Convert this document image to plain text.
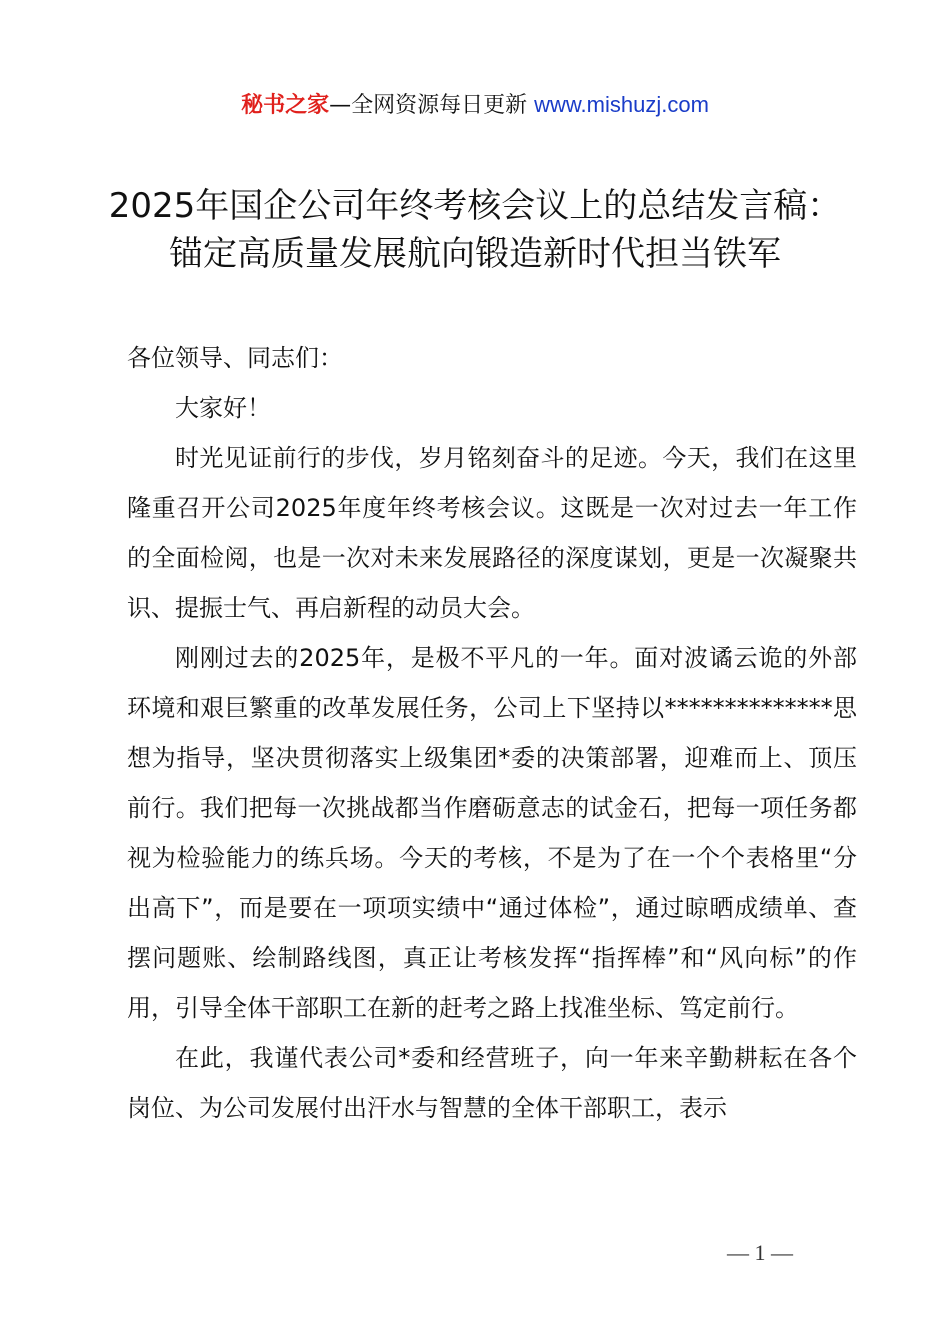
秘书之家—全网资源每日更新 www.mishuzj.com
2025年国企公司年终考核会议上的总结发言稿：锚定高质量发展航向锻造新时代担当铁军

各位领导、同志们：

大家好！

时光见证前行的步伐，岁月铭刻奋斗的足迹。今天，我们在这里隆重召开公司2025年度年终考核会议。这既是一次对过去一年工作的全面检阅，也是一次对未来发展路径的深度谋划，更是一次凝聚共识、提振士气、再启新程的动员大会。

刚刚过去的2025年，是极不平凡的一年。面对波谲云诡的外部环境和艰巨繁重的改革发展任务，公司上下坚持以**************思想为指导，坚决贯彻落实上级集团*委的决策部署，迎难而上、顶压前行。我们把每一次挑战都当作磨砺意志的试金石，把每一项任务都视为检验能力的练兵场。今天的考核，不是为了在一个个表格里“分出高下”，而是要在一项项实绩中“通过体检”，通过晾晒成绩单、查摆问题账、绘制路线图，真正让考核发挥“指挥棒”和“风向标”的作用，引导全体干部职工在新的赶考之路上找准坐标、笃定前行。

在此，我谨代表公司*委和经营班子，向一年来辛勤耕耘在各个岗位、为公司发展付出汗水与智慧的全体干部职工，表示

— 1 —
